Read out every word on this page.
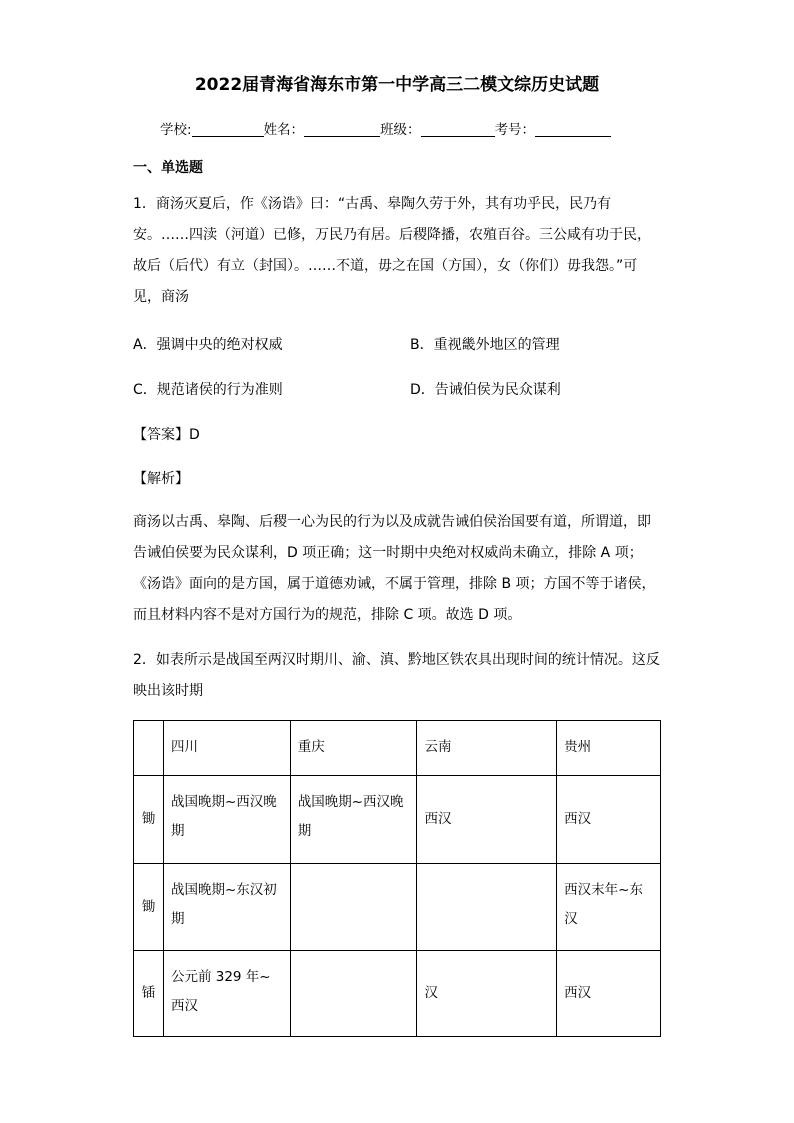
2022届青海省海东市第一中学高三二模文综历史试题
学校:	姓名：	班级：	考号：
一、单选题
1．商汤灭夏后，作《汤诰》曰：“古禹、皋陶久劳于外，其有功乎民，民乃有
安。……四渎（河道）已修，万民乃有居。后稷降播，农殖百谷。三公咸有功于民，
故后（后代）有立（封国）。……不道，毋之在国（方国），女（你们）毋我怨。”可
见，商汤
A．强调中央的绝对权威	B．重视畿外地区的管理
C．规范诸侯的行为准则	D．告诫伯侯为民众谋利
【答案】D
【解析】
商汤以古禹、皋陶、后稷一心为民的行为以及成就告诫伯侯治国要有道，所谓道，即
告诫伯侯要为民众谋利，D 项正确；这一时期中央绝对权威尚未确立，排除 A 项；
《汤诰》面向的是方国，属于道德劝诫，不属于管理，排除 B 项；方国不等于诸侯，
而且材料内容不是对方国行为的规范，排除 C 项。故选 D 项。
2．如表所示是战国至两汉时期川、渝、滇、黔地区铁农具出现时间的统计情况。这反
映出该时期
	四川	重庆	云南	贵州
锄	战国晚期~西汉晚期	战国晚期~西汉晚期	西汉	西汉
锄	战国晚期~东汉初期			西汉末年~东汉
锸	公元前 329 年~西汉		汉	西汉
